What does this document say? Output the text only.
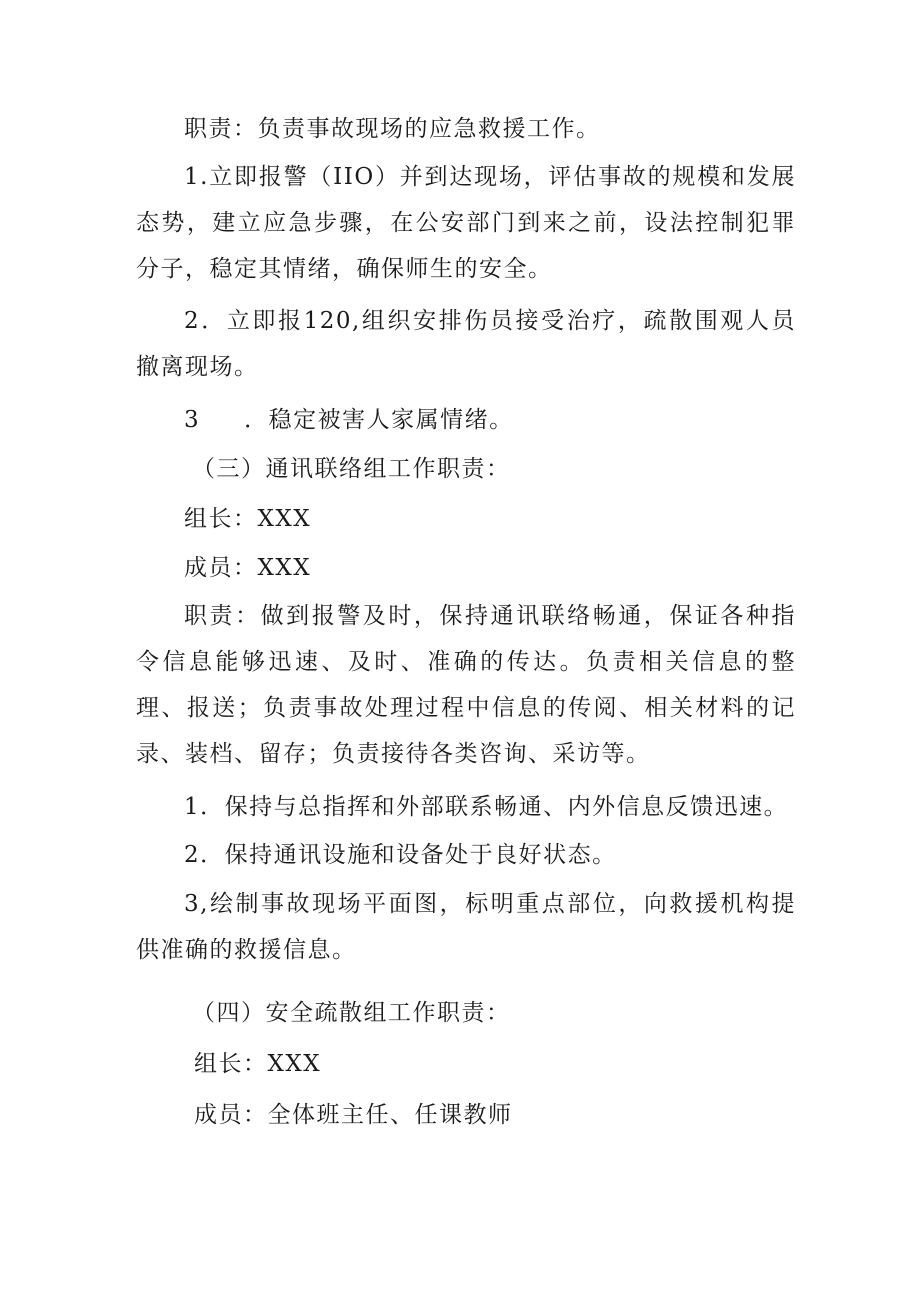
职责：负责事故现场的应急救援工作。

1.立即报警（IIO）并到达现场，评估事故的规模和发展态势，建立应急步骤，在公安部门到来之前，设法控制犯罪分子，稳定其情绪，确保师生的安全。

2．立即报120,组织安排伤员接受治疗，疏散围观人员撤离现场。

3 ．稳定被害人家属情绪。

（三）通讯联络组工作职责：

组长：XXX

成员：XXX

职责：做到报警及时，保持通讯联络畅通，保证各种指令信息能够迅速、及时、准确的传达。负责相关信息的整理、报送；负责事故处理过程中信息的传阅、相关材料的记录、装档、留存；负责接待各类咨询、采访等。

1．保持与总指挥和外部联系畅通、内外信息反馈迅速。

2．保持通讯设施和设备处于良好状态。

3,绘制事故现场平面图，标明重点部位，向救援机构提供准确的救援信息。

（四）安全疏散组工作职责：

组长：XXX

成员：全体班主任、任课教师
